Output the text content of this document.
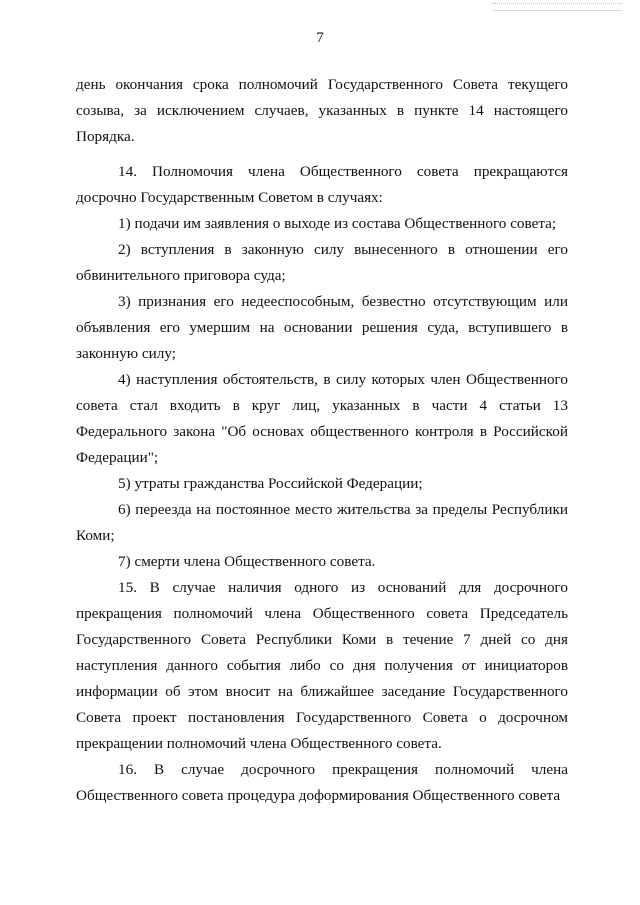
7

день окончания срока полномочий Государственного Совета текущего созыва, за исключением случаев, указанных в пункте 14 настоящего Порядка.

14. Полномочия члена Общественного совета прекращаются досрочно Государственным Советом в случаях:

1) подачи им заявления о выходе из состава Общественного совета;

2) вступления в законную силу вынесенного в отношении его обвинительного приговора суда;

3) признания его недееспособным, безвестно отсутствующим или объявления его умершим на основании решения суда, вступившего в законную силу;

4) наступления обстоятельств, в силу которых член Общественного совета стал входить в круг лиц, указанных в части 4 статьи 13 Федерального закона "Об основах общественного контроля в Российской Федерации";

5) утраты гражданства Российской Федерации;

6) переезда на постоянное место жительства за пределы Республики Коми;

7) смерти члена Общественного совета.

15. В случае наличия одного из оснований для досрочного прекращения полномочий члена Общественного совета Председатель Государственного Совета Республики Коми в течение 7 дней со дня наступления данного события либо со дня получения от инициаторов информации об этом вносит на ближайшее заседание Государственного Совета проект постановления Государственного Совета о досрочном прекращении полномочий члена Общественного совета.

16. В случае досрочного прекращения полномочий члена Общественного совета процедура доформирования Общественного совета
